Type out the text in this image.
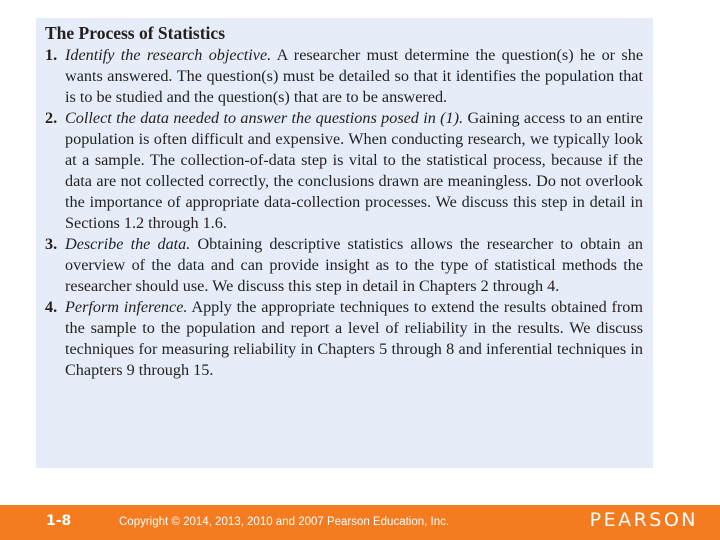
The Process of Statistics
1. Identify the research objective. A researcher must determine the question(s) he or she wants answered. The question(s) must be detailed so that it identifies the population that is to be studied and the question(s) that are to be answered.
2. Collect the data needed to answer the questions posed in (1). Gaining access to an entire population is often difficult and expensive. When conducting research, we typically look at a sample. The collection-of-data step is vital to the statistical process, because if the data are not collected correctly, the conclusions drawn are meaningless. Do not overlook the importance of appropriate data-collection processes. We discuss this step in detail in Sections 1.2 through 1.6.
3. Describe the data. Obtaining descriptive statistics allows the researcher to obtain an overview of the data and can provide insight as to the type of statistical methods the researcher should use. We discuss this step in detail in Chapters 2 through 4.
4. Perform inference. Apply the appropriate techniques to extend the results obtained from the sample to the population and report a level of reliability in the results. We discuss techniques for measuring reliability in Chapters 5 through 8 and inferential techniques in Chapters 9 through 15.
1-8	Copyright © 2014, 2013, 2010 and 2007 Pearson Education, Inc.	PEARSON
